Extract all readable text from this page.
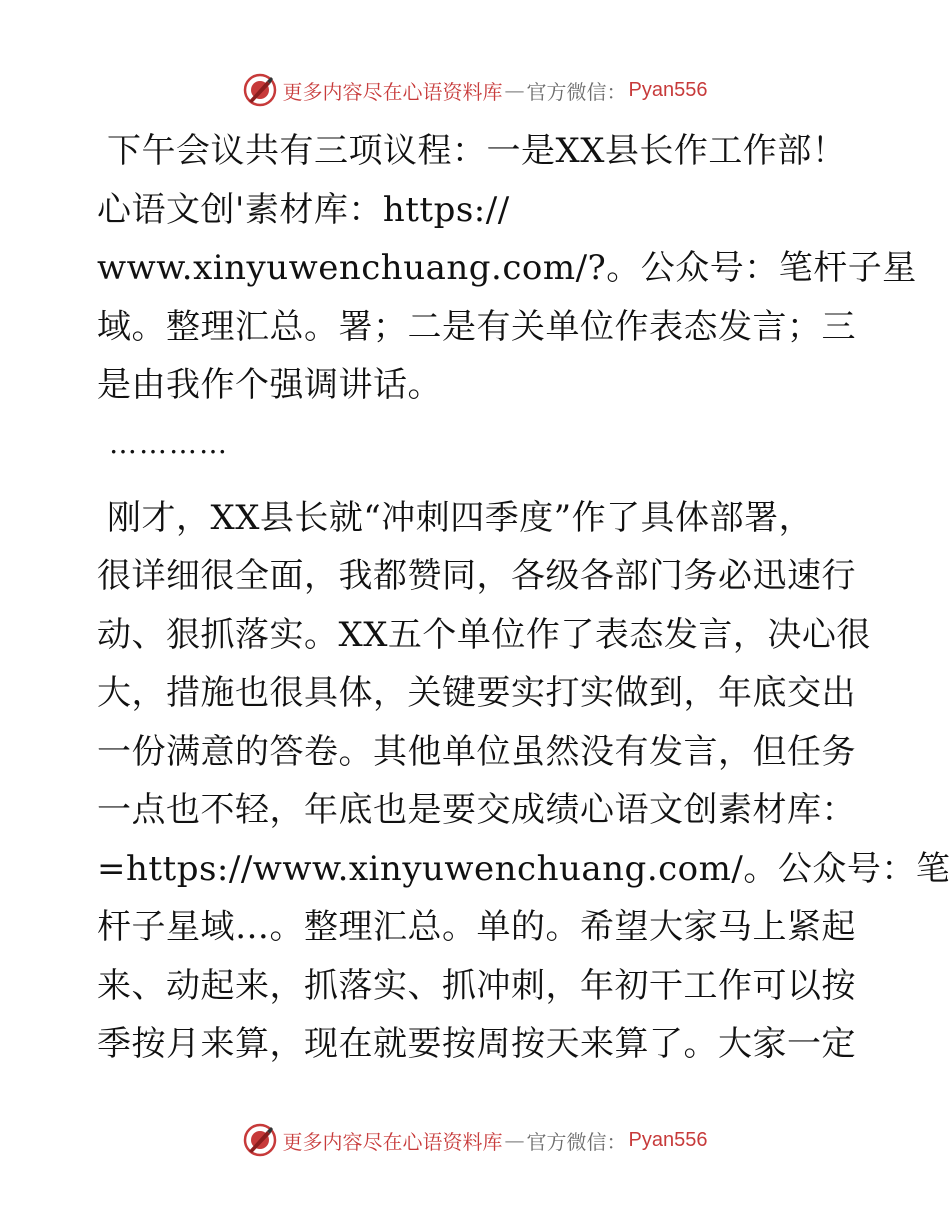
更多内容尽在心语资料库 — 官方微信： Pyan556
下午会议共有三项议程：一是XX县长作工作部！
心语文创'素材库：https://
www.xinyuwenchuang.com/?。公众号：笔杆子星
域。整理汇总。署；二是有关单位作表态发言；三
是由我作个强调讲话。
…………
刚才，XX县长就“冲刺四季度”作了具体部署，
很详细很全面，我都赞同，各级各部门务必迅速行
动、狠抓落实。XX五个单位作了表态发言，决心很
大，措施也很具体，关键要实打实做到，年底交出
一份满意的答卷。其他单位虽然没有发言，但任务
一点也不轻，年底也是要交成绩心语文创素材库：
=https://www.xinyuwenchuang.com/。公众号：笔
杆子星域…。整理汇总。单的。希望大家马上紧起
来、动起来，抓落实、抓冲刺，年初干工作可以按
季按月来算，现在就要按周按天来算了。大家一定
更多内容尽在心语资料库 — 官方微信： Pyan556
